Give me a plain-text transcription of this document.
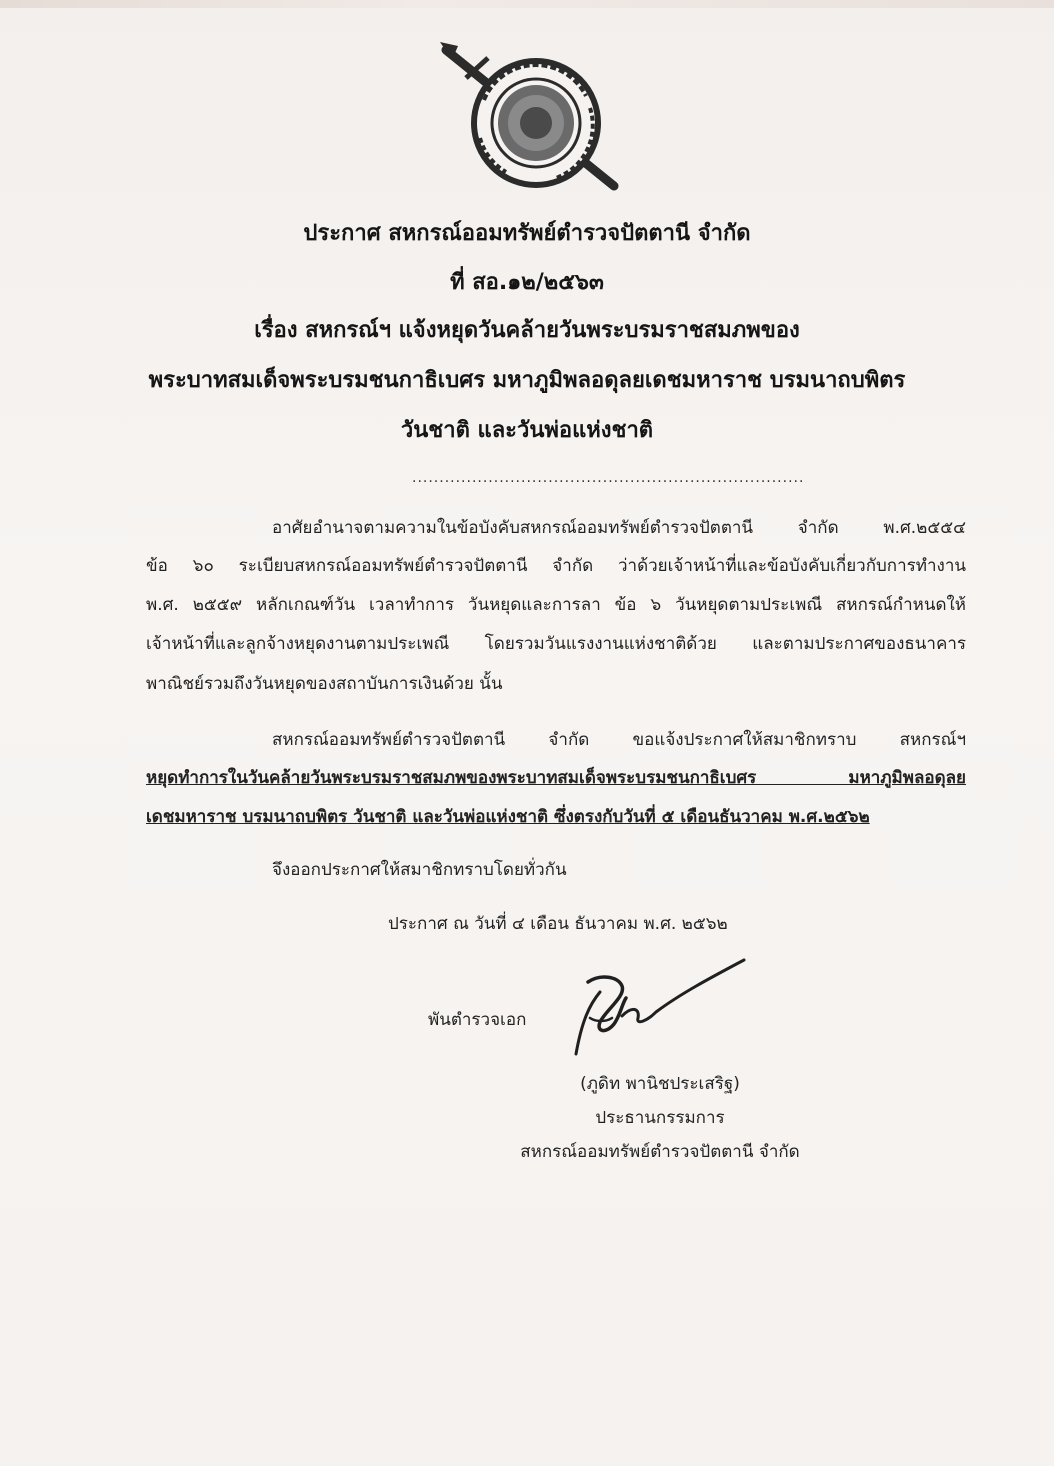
ประกาศ สหกรณ์ออมทรัพย์ตำรวจปัตตานี จำกัด
ที่ สอ.๑๒/๒๕๖๓
เรื่อง สหกรณ์ฯ แจ้งหยุดวันคล้ายวันพระบรมราชสมภพของ
พระบาทสมเด็จพระบรมชนกาธิเบศร มหาภูมิพลอดุลยเดชมหาราช บรมนาถบพิตร
วันชาติ และวันพ่อแห่งชาติ
........................................................................
อาศัยอำนาจตามความในข้อบังคับสหกรณ์ออมทรัพย์ตำรวจปัตตานี จำกัด พ.ศ.๒๕๕๔
ข้อ ๖๐ ระเบียบสหกรณ์ออมทรัพย์ตำรวจปัตตานี จำกัด ว่าด้วยเจ้าหน้าที่และข้อบังคับเกี่ยวกับการทำงาน
พ.ศ. ๒๕๕๙ หลักเกณฑ์วัน เวลาทำการ วันหยุดและการลา ข้อ ๖ วันหยุดตามประเพณี สหกรณ์กำหนดให้
เจ้าหน้าที่และลูกจ้างหยุดงานตามประเพณี โดยรวมวันแรงงานแห่งชาติด้วย และตามประกาศของธนาคาร
พาณิชย์รวมถึงวันหยุดของสถาบันการเงินด้วย นั้น
สหกรณ์ออมทรัพย์ตำรวจปัตตานี จำกัด ขอแจ้งประกาศให้สมาชิกทราบ สหกรณ์ฯ
หยุดทำการในวันคล้ายวันพระบรมราชสมภพของพระบาทสมเด็จพระบรมชนกาธิเบศร มหาภูมิพลอดุลย
เดชมหาราช บรมนาถบพิตร วันชาติ และวันพ่อแห่งชาติ ซึ่งตรงกับวันที่ ๕ เดือนธันวาคม พ.ศ.๒๕๖๒
จึงออกประกาศให้สมาชิกทราบโดยทั่วกัน
ประกาศ ณ วันที่ ๔ เดือน ธันวาคม พ.ศ. ๒๕๖๒
พันตำรวจเอก
(ภูดิท พานิชประเสริฐ)
ประธานกรรมการ
สหกรณ์ออมทรัพย์ตำรวจปัตตานี จำกัด
